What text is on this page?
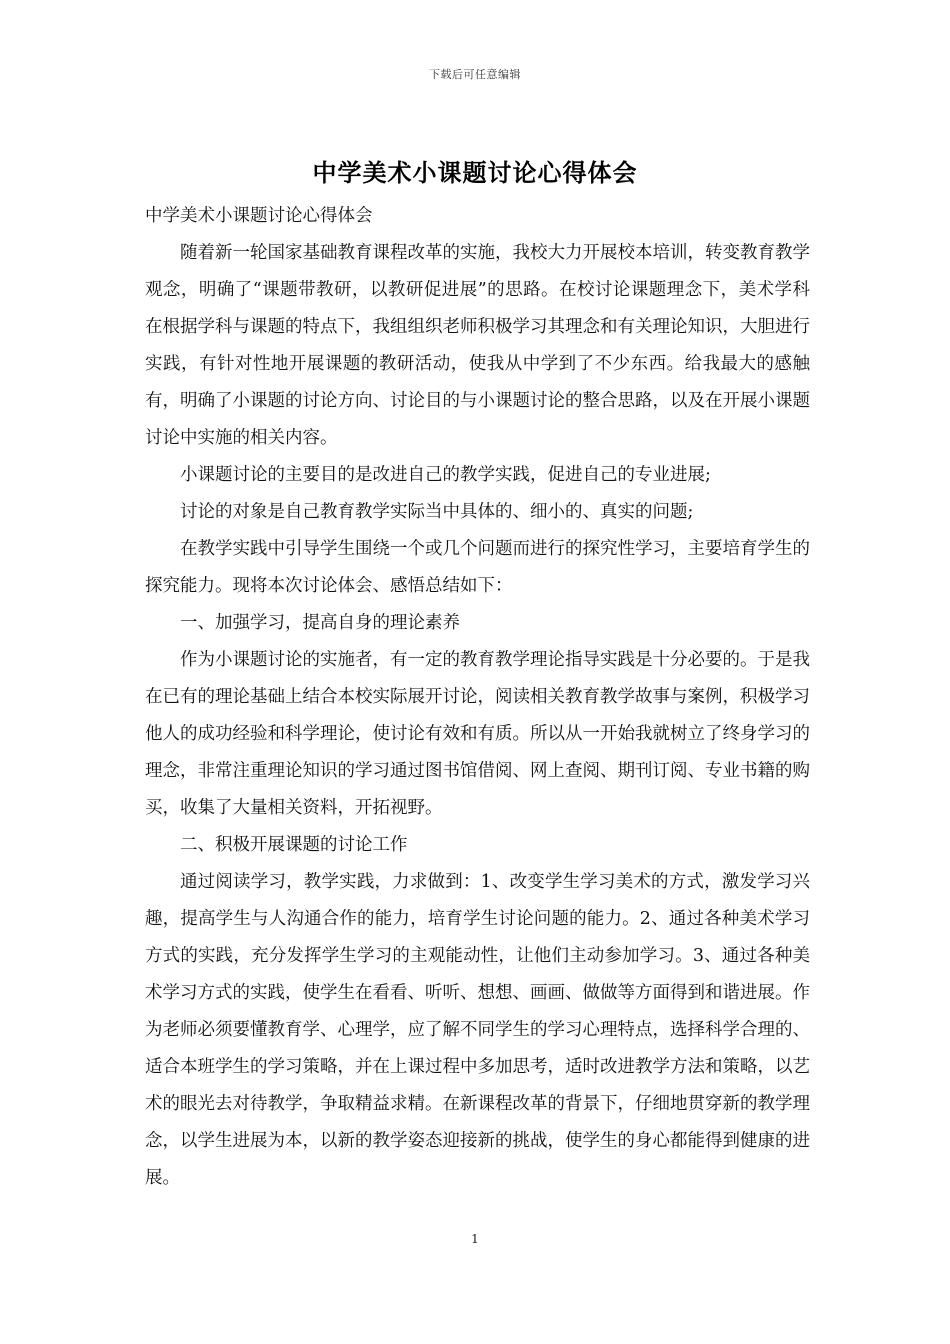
下载后可任意编辑
中学美术小课题讨论心得体会

中学美术小课题讨论心得体会

随着新一轮国家基础教育课程改革的实施，我校大力开展校本培训，转变教育教学观念，明确了“课题带教研，以教研促进展”的思路。在校讨论课题理念下，美术学科在根据学科与课题的特点下，我组组织老师积极学习其理念和有关理论知识，大胆进行实践，有针对性地开展课题的教研活动，使我从中学到了不少东西。给我最大的感触有，明确了小课题的讨论方向、讨论目的与小课题讨论的整合思路，以及在开展小课题讨论中实施的相关内容。

小课题讨论的主要目的是改进自己的教学实践，促进自己的专业进展;

讨论的对象是自己教育教学实际当中具体的、细小的、真实的问题;

在教学实践中引导学生围绕一个或几个问题而进行的探究性学习，主要培育学生的探究能力。现将本次讨论体会、感悟总结如下：

一、加强学习，提高自身的理论素养

作为小课题讨论的实施者，有一定的教育教学理论指导实践是十分必要的。于是我在已有的理论基础上结合本校实际展开讨论，阅读相关教育教学故事与案例，积极学习他人的成功经验和科学理论，使讨论有效和有质。所以从一开始我就树立了终身学习的理念，非常注重理论知识的学习通过图书馆借阅、网上查阅、期刊订阅、专业书籍的购买，收集了大量相关资料，开拓视野。

二、积极开展课题的讨论工作

通过阅读学习，教学实践，力求做到：1、改变学生学习美术的方式，激发学习兴趣，提高学生与人沟通合作的能力，培育学生讨论问题的能力。2、通过各种美术学习方式的实践，充分发挥学生学习的主观能动性，让他们主动参加学习。3、通过各种美术学习方式的实践，使学生在看看、听听、想想、画画、做做等方面得到和谐进展。作为老师必须要懂教育学、心理学，应了解不同学生的学习心理特点，选择科学合理的、适合本班学生的学习策略，并在上课过程中多加思考，适时改进教学方法和策略，以艺术的眼光去对待教学，争取精益求精。在新课程改革的背景下，仔细地贯穿新的教学理念，以学生进展为本，以新的教学姿态迎接新的挑战，使学生的身心都能得到健康的进展。

1
